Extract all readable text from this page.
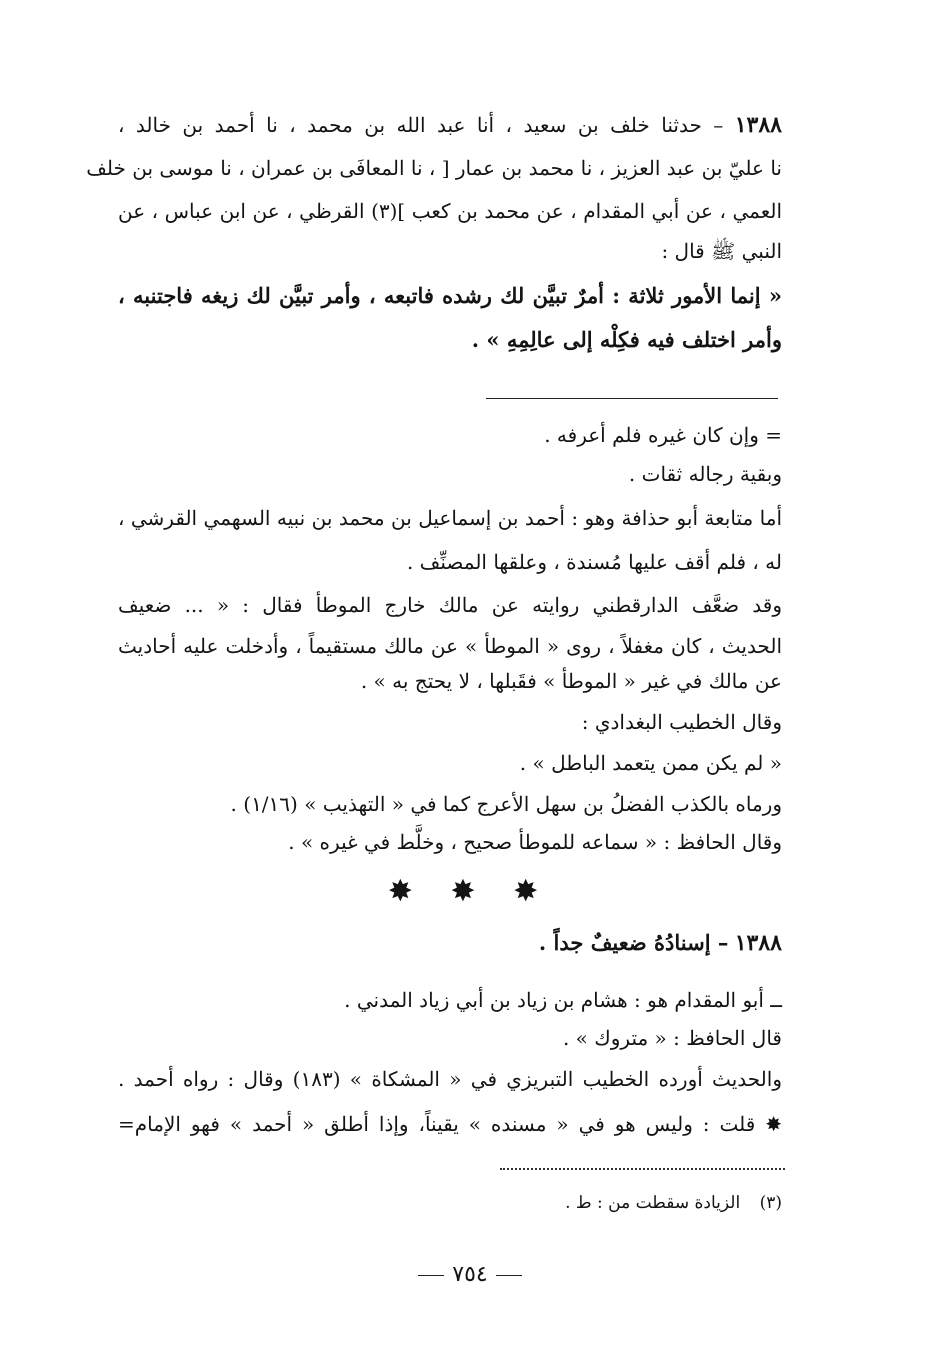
١٣٨٨ – حدثنا خلف بن سعيد ، أنا عبد الله بن محمد ، نا أحمد بن خالد ،
نا عليّ بن عبد العزيز ، نا محمد بن عمار [ ، نا المعافَى بن عمران ، نا موسى بن خلف
العمي ، عن أبي المقدام ، عن محمد بن كعب ](٣) القرظي ، عن ابن عباس ، عن
النبي ﷺ قال :
« إنما الأمور ثلاثة : أمرٌ تبيَّن لك رشده فاتبعه ، وأمر تبيَّن لك زيغه فاجتنبه ،
وأمر اختلف فيه فكِلْه إلى عالِمِهِ » .
= وإن كان غيره فلم أعرفه .
وبقية رجاله ثقات .
أما متابعة أبو حذافة وهو : أحمد بن إسماعيل بن محمد بن نبيه السهمي القرشي ،
له ، فلم أقف عليها مُسندة ، وعلقها المصنِّف .
وقد ضعَّف الدارقطني روايته عن مالك خارج الموطأ فقال : « ... ضعيف
الحديث ، كان مغفلاً ، روى « الموطأ » عن مالك مستقيماً ، وأدخلت عليه أحاديث
عن مالك في غير « الموطأ » فقَبلها ، لا يحتج به » .
وقال الخطيب البغدادي :
« لم يكن ممن يتعمد الباطل » .
ورماه بالكذب الفضلُ بن سهل الأعرج كما في « التهذيب » (١/١٦) .
وقال الحافظ : « سماعه للموطأ صحيح ، وخلَّط في غيره » .
✸ ✸ ✸
١٣٨٨ – إسنادُهُ ضعيفٌ جداً .
ــ أبو المقدام هو : هشام بن زياد بن أبي زياد المدني .
قال الحافظ : « متروك » .
والحديث أورده الخطيب التبريزي في « المشكاة » (١٨٣) وقال : رواه أحمد .
✸ قلت : وليس هو في « مسنده » يقيناً، وإذا أطلق « أحمد » فهو الإمام=
(٣) الزيادة سقطت من : ط .
٧٥٤
